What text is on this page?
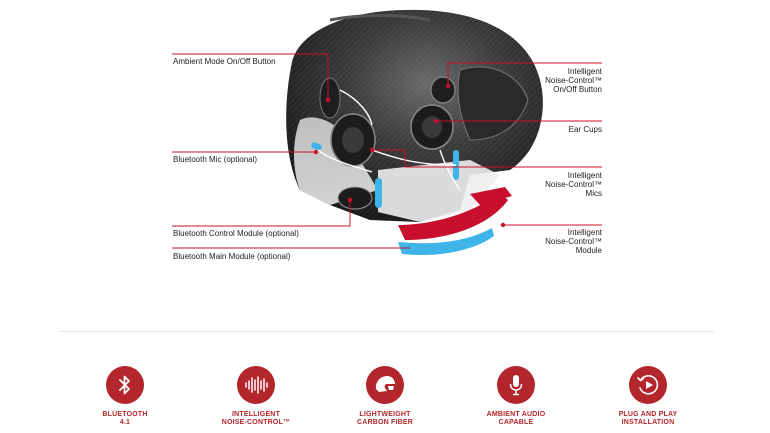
Ambient Mode On/Off Button
Bluetooth Mic (optional)
Bluetooth Control Module (optional)
Bluetooth Main Module (optional)
Intelligent
Noise-Control™
On/Off Button
Ear Cups
Intelligent
Noise-Control™
Mics
Intelligent
Noise-Control™
Module
BLUETOOTH
4.1
INTELLIGENT
NOISE-CONTROL™
LIGHTWEIGHT
CARBON FIBER
AMBIENT AUDIO
CAPABLE
PLUG AND PLAY
INSTALLATION
